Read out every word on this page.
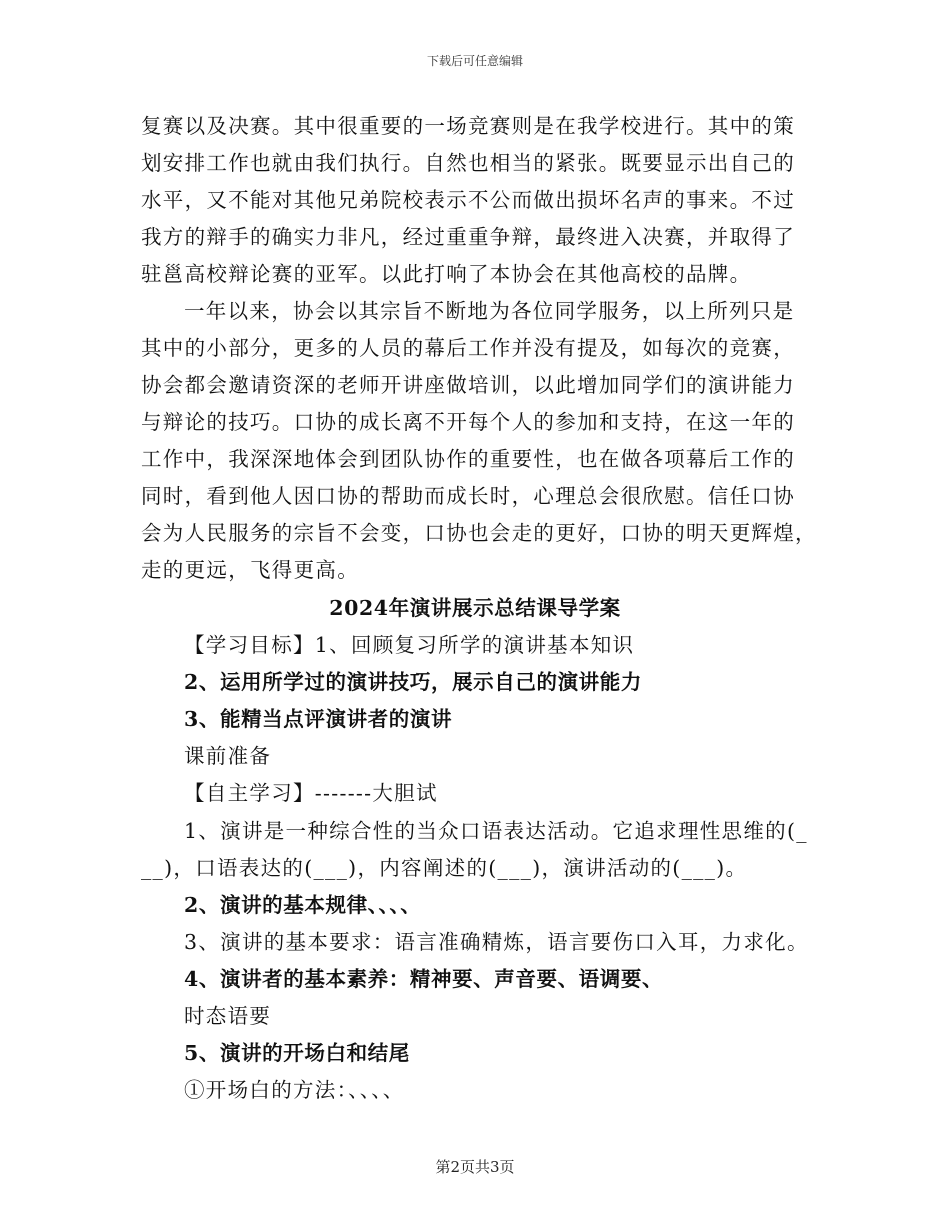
下载后可任意编辑
复赛以及决赛。其中很重要的一场竞赛则是在我学校进行。其中的策
划安排工作也就由我们执行。自然也相当的紧张。既要显示出自己的
水平，又不能对其他兄弟院校表示不公而做出损坏名声的事来。不过
我方的辩手的确实力非凡，经过重重争辩，最终进入决赛，并取得了
驻邕高校辩论赛的亚军。以此打响了本协会在其他高校的品牌。
一年以来，协会以其宗旨不断地为各位同学服务，以上所列只是
其中的小部分，更多的人员的幕后工作并没有提及，如每次的竞赛，
协会都会邀请资深的老师开讲座做培训，以此增加同学们的演讲能力
与辩论的技巧。口协的成长离不开每个人的参加和支持，在这一年的
工作中，我深深地体会到团队协作的重要性，也在做各项幕后工作的
同时，看到他人因口协的帮助而成长时，心理总会很欣慰。信任口协
会为人民服务的宗旨不会变，口协也会走的更好，口协的明天更辉煌，
走的更远，飞得更高。
2024年演讲展示总结课导学案
【学习目标】1、回顾复习所学的演讲基本知识
2、运用所学过的演讲技巧，展示自己的演讲能力
3、能精当点评演讲者的演讲
课前准备
【自主学习】-------大胆试
1、演讲是一种综合性的当众口语表达活动。它追求理性思维的(_
__)，口语表达的(___)，内容阐述的(___)，演讲活动的(___)。
2、演讲的基本规律、、、、
3、演讲的基本要求：语言准确精炼，语言要伤口入耳，力求化。
4、演讲者的基本素养：精神要、声音要、语调要、
时态语要
5、演讲的开场白和结尾
①开场白的方法：、、、、
第2页共3页
